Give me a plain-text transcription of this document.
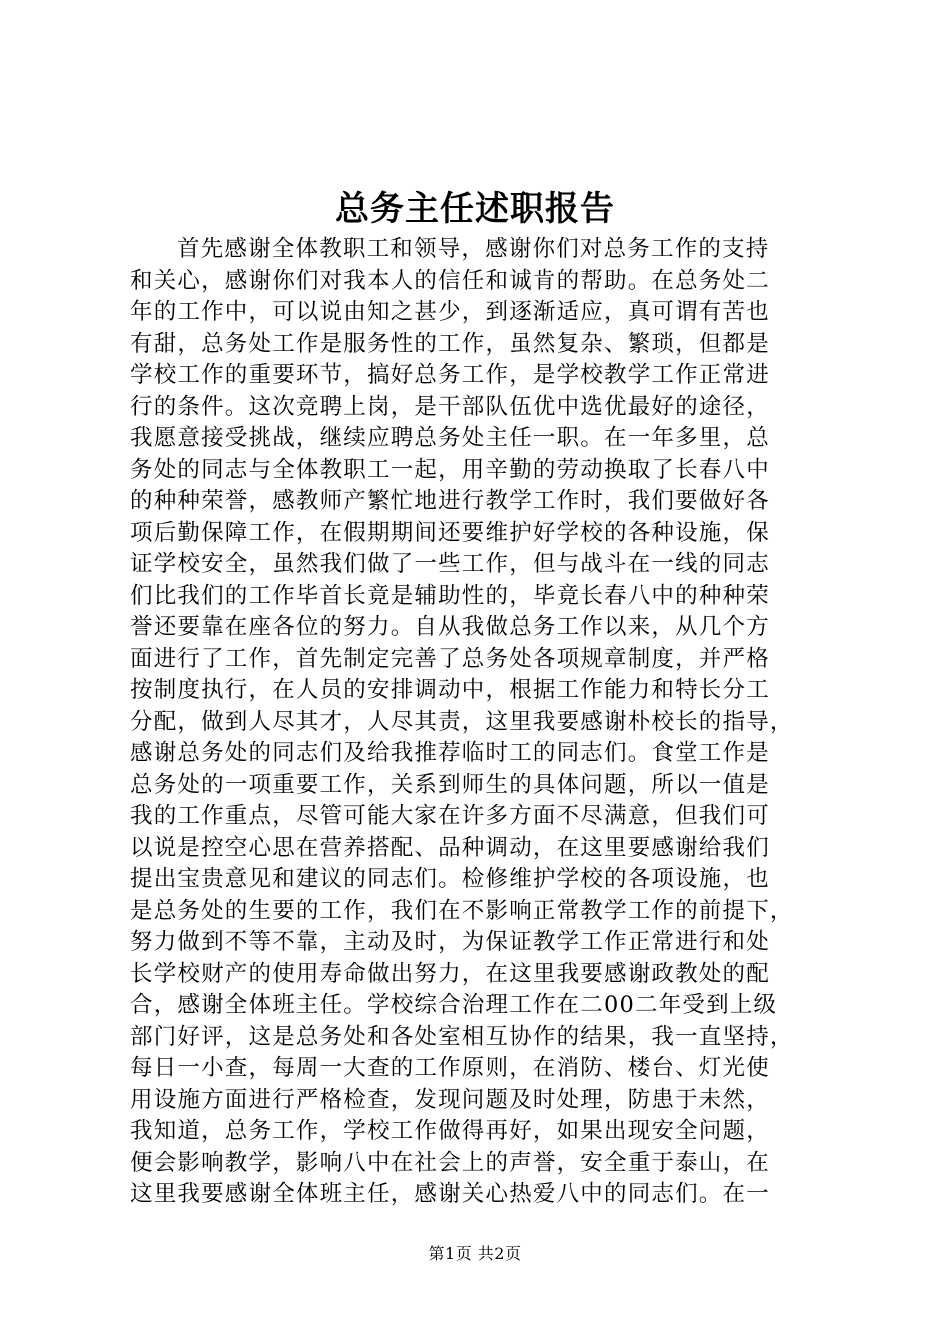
总务主任述职报告
首先感谢全体教职工和领导，感谢你们对总务工作的支持
和关心，感谢你们对我本人的信任和诚肯的帮助。在总务处二
年的工作中，可以说由知之甚少，到逐渐适应，真可谓有苦也
有甜，总务处工作是服务性的工作，虽然复杂、繁琐，但都是
学校工作的重要环节，搞好总务工作，是学校教学工作正常进
行的条件。这次竞聘上岗，是干部队伍优中选优最好的途径，
我愿意接受挑战，继续应聘总务处主任一职。在一年多里，总
务处的同志与全体教职工一起，用辛勤的劳动换取了长春八中
的种种荣誉，感教师产繁忙地进行教学工作时，我们要做好各
项后勤保障工作，在假期期间还要维护好学校的各种设施，保
证学校安全，虽然我们做了一些工作，但与战斗在一线的同志
们比我们的工作毕首长竟是辅助性的，毕竟长春八中的种种荣
誉还要靠在座各位的努力。自从我做总务工作以来，从几个方
面进行了工作，首先制定完善了总务处各项规章制度，并严格
按制度执行，在人员的安排调动中，根据工作能力和特长分工
分配，做到人尽其才，人尽其责，这里我要感谢朴校长的指导，
感谢总务处的同志们及给我推荐临时工的同志们。食堂工作是
总务处的一项重要工作，关系到师生的具体问题，所以一值是
我的工作重点，尽管可能大家在许多方面不尽满意，但我们可
以说是控空心思在营养搭配、品种调动，在这里要感谢给我们
提出宝贵意见和建议的同志们。检修维护学校的各项设施，也
是总务处的生要的工作，我们在不影响正常教学工作的前提下，
努力做到不等不靠，主动及时，为保证教学工作正常进行和处
长学校财产的使用寿命做出努力，在这里我要感谢政教处的配
合，感谢全体班主任。学校综合治理工作在二00二年受到上级
部门好评，这是总务处和各处室相互协作的结果，我一直坚持，
每日一小查，每周一大查的工作原则，在消防、楼台、灯光使
用设施方面进行严格检查，发现问题及时处理，防患于未然，
我知道，总务工作，学校工作做得再好，如果出现安全问题，
便会影响教学，影响八中在社会上的声誉，安全重于泰山，在
这里我要感谢全体班主任，感谢关心热爱八中的同志们。在一
第1页 共2页
